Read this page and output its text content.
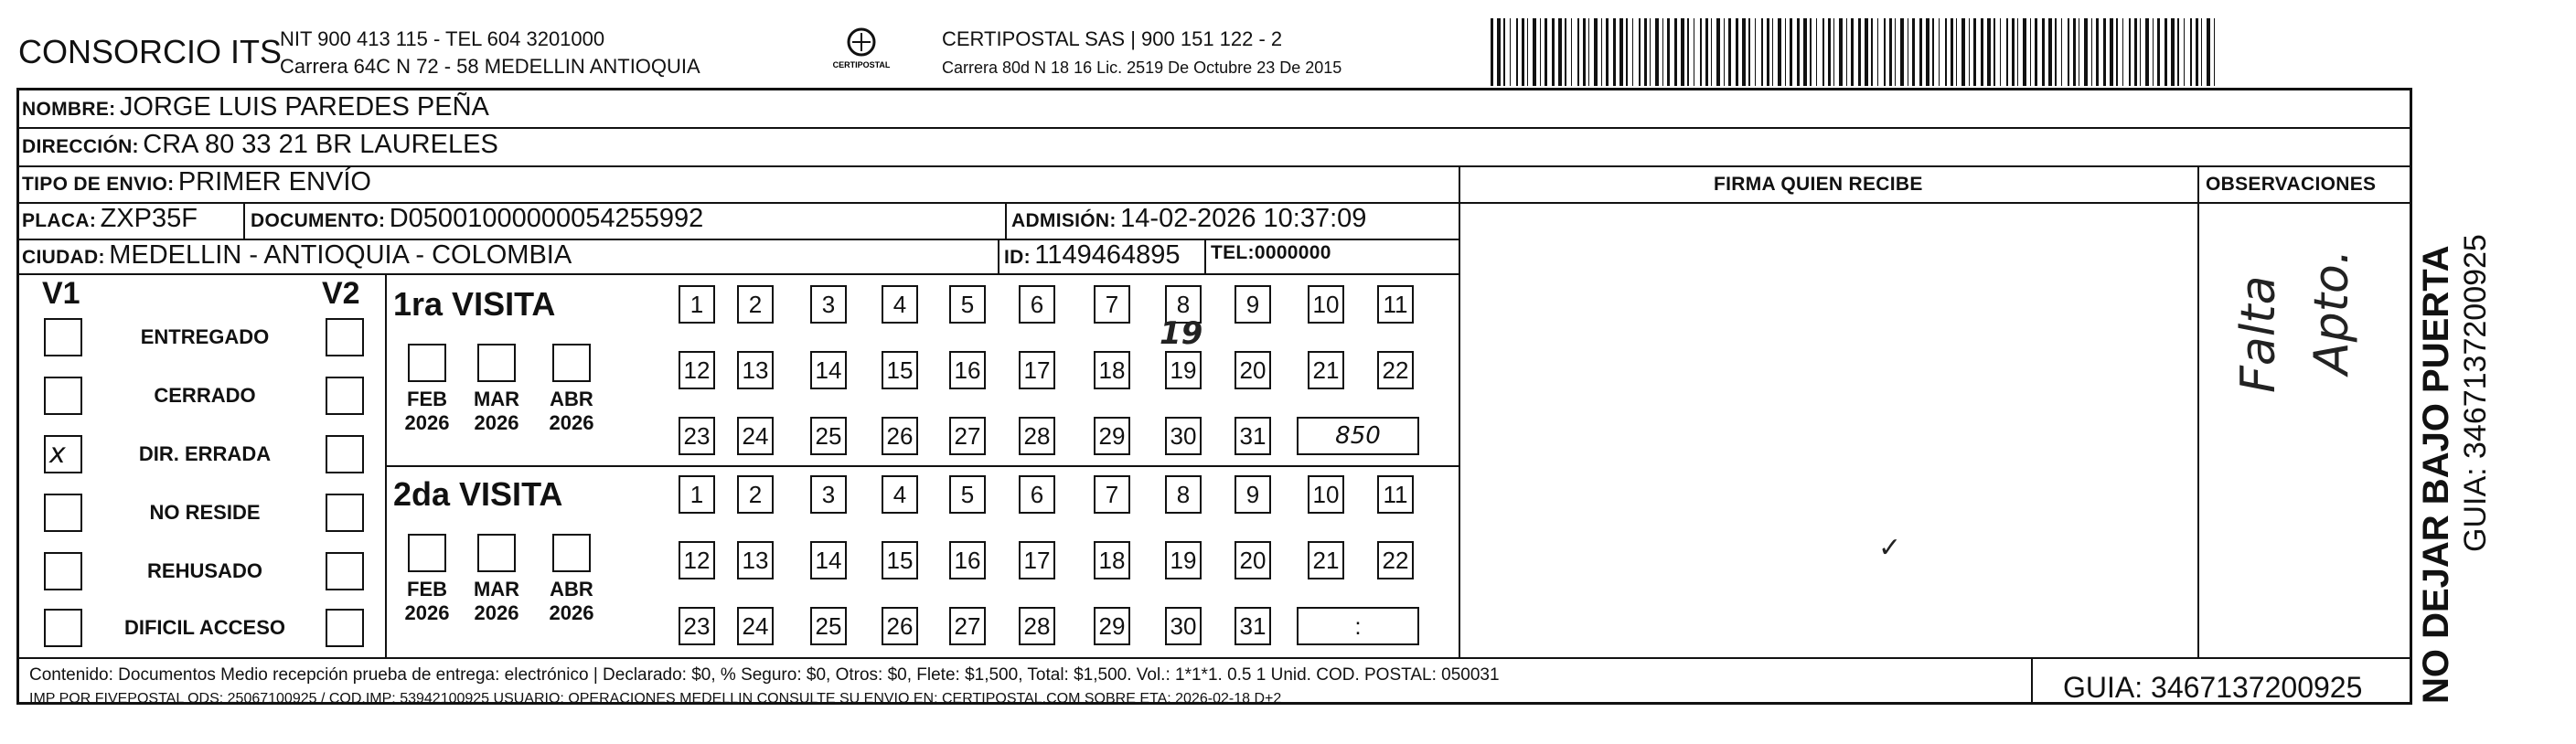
CONSORCIO ITS
NIT 900 413 115 - TEL 604 3201000
Carrera 64C N 72 - 58 MEDELLIN ANTIOQUIA	CERTIPOSTAL
CERTIPOSTAL SAS | 900 151 122 - 2
Carrera 80d N 18 16 Lic. 2519 De Octubre 23 De 2015
NOMBRE: JORGE LUIS PAREDES PEÑA
DIRECCIÓN: CRA 80 33 21 BR LAURELES
TIPO DE ENVIO: PRIMER ENVÍO
PLACA: ZXP35F	DOCUMENTO: D05001000000054255992	ADMISIÓN: 14-02-2026 10:37:09
CIUDAD: MEDELLIN - ANTIOQUIA - COLOMBIA	ID: 1149464895 TEL:0000000
FIRMA QUIEN RECIBE	OBSERVACIONES
V1	V2
ENTREGADO
CERRADO
x	DIR. ERRADA
NO RESIDE
REHUSADO
DIFICIL ACCESO
1ra VISITA
2da VISITA
FEB
2026
MAR
2026
ABR
2026
1	2	3	4	5	6	7	8	9	10 11
12 13 14 15 16 17 18 19 20 21 22
23 24 25 26 27 28 29 30 31	850
FEB
2026
MAR
2026
ABR
2026
1	2	3	4	5	6	7	8	9	10 11
12 13 14 15 16 17 18 19 20 21 22
23 24 25 26 27 28 29 30 31	:
19	Falta Apto.
✓
Contenido: Documentos Medio recepción prueba de entrega: electrónico | Declarado: $0, % Seguro: $0, Otros: $0, Flete: $1,500, Total: $1,500. Vol.: 1*1*1. 0.5 1 Unid. COD. POSTAL: 050031
IMP POR FIVEPOSTAL ODS: 25067100925 / COD.IMP: 53942100925 USUARIO: OPERACIONES MEDELLIN CONSULTE SU ENVIO EN: CERTIPOSTAL.COM SOBRE ETA: 2026-02-18 D+2	GUIA: 3467137200925 NO DEJAR BAJO PUERTA GUIA: 3467137200925
